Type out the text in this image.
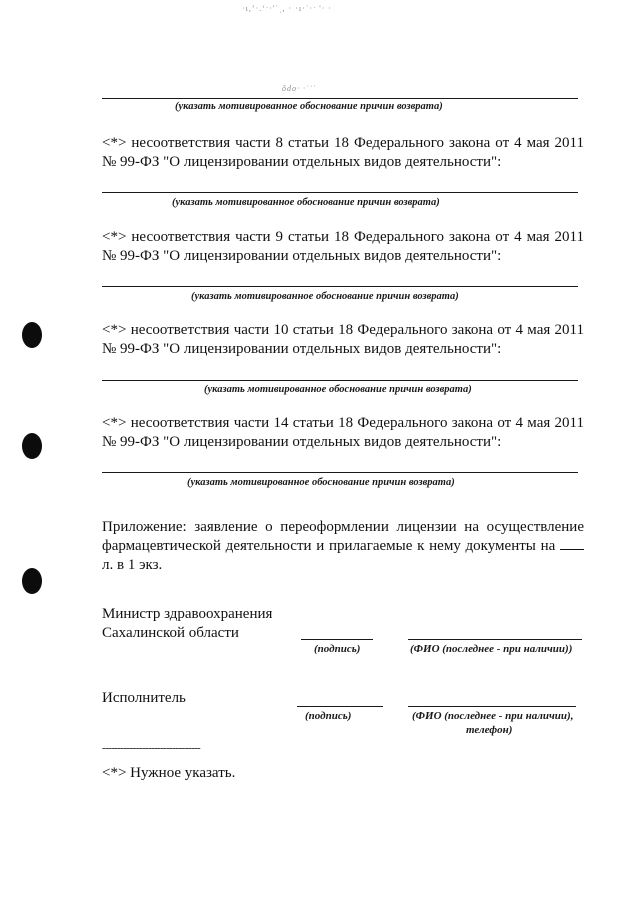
·ı,ʼ·.ʻˑ·'ˈˌ, · ·ı·ˈ·ˑ '· ·
ǒdo· ·˙˙ˈ
(указать мотивированное обоснование причин возврата)
<*> несоответствия части 8 статьи 18 Федерального закона от 4 мая 2011 № 99-ФЗ "О лицензировании отдельных видов деятельности":
(указать мотивированное обоснование причин возврата)
<*> несоответствия части 9 статьи 18 Федерального закона от 4 мая 2011 № 99-ФЗ "О лицензировании отдельных видов деятельности":
(указать мотивированное обоснование причин возврата)
<*> несоответствия части 10 статьи 18 Федерального закона от 4 мая 2011 № 99-ФЗ "О лицензировании отдельных видов деятельности":
(указать мотивированное обоснование причин возврата)
<*> несоответствия части 14 статьи 18 Федерального закона от 4 мая 2011 № 99-ФЗ "О лицензировании отдельных видов деятельности":
(указать мотивированное обоснование причин возврата)
Приложение: заявление о переоформлении лицензии на осуществление фармацевтической деятельности и прилагаемые к нему документы на  л. в 1 экз.
Министр здравоохранения
Сахалинской области
(подпись)	(ФИО (последнее - при наличии))
Исполнитель
(подпись)	(ФИО (последнее - при наличии),
телефон)
--------------------------------
<*> Нужное указать.
